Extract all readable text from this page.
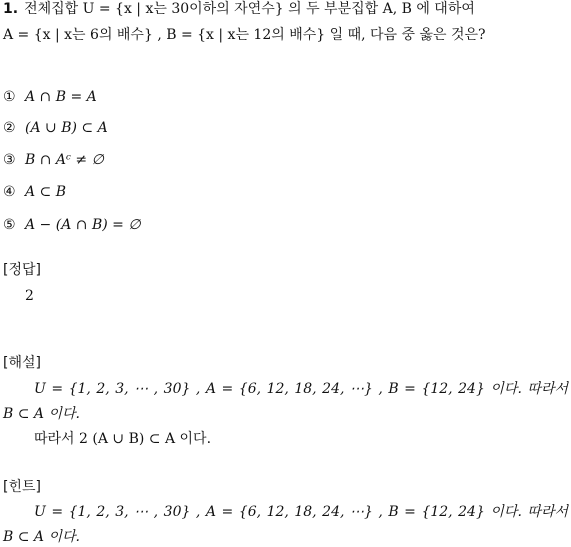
1. 전체집합 U = {x | x는 30이하의 자연수} 의 두 부분집합 A, B 에 대하여
A = {x | x는 6의 배수} , B = {x | x는 12의 배수} 일 때, 다음 중 옳은 것은?
① A ∩ B = A
② (A ∪ B) ⊂ A
③ B ∩ Aᶜ ≠ ∅
④ A ⊂ B
⑤ A − (A ∩ B) = ∅
[정답]
2
[해설]
U = {1, 2, 3, ⋯ , 30} , A = {6, 12, 18, 24, ⋯} , B = {12, 24} 이다. 따라서
B ⊂ A 이다.
따라서 2 (A ∪ B) ⊂ A 이다.
[힌트]
U = {1, 2, 3, ⋯ , 30} , A = {6, 12, 18, 24, ⋯} , B = {12, 24} 이다. 따라서
B ⊂ A 이다.
